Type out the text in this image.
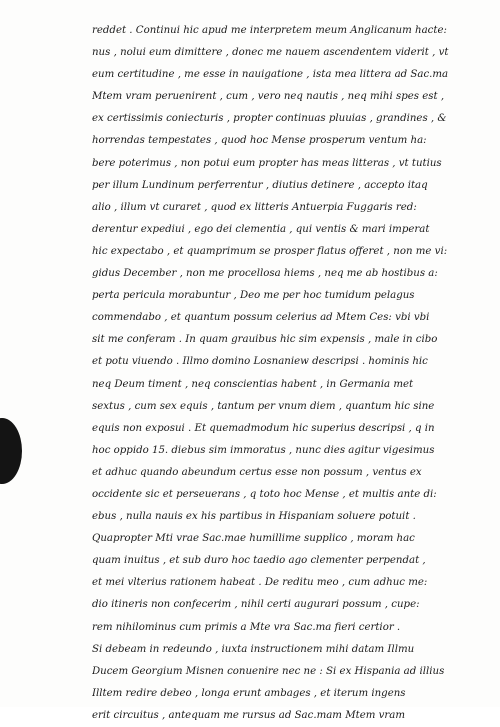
reddet . Continui hic apud me interpretem meum Anglicanum hacte:
nus , nolui eum dimittere , donec me nauem ascendentem viderit , vt
eum certitudine , me esse in nauigatione , ista mea littera ad Sac.ma
Mtem vram peruenirent , cum , vero neq nautis , neq mihi spes est ,
ex certissimis coniecturis , propter continuas pluuias , grandines , &
horrendas tempestates , quod hoc Mense prosperum ventum ha:
bere poterimus , non potui eum propter has meas litteras , vt tutius
per illum Lundinum perferrentur , diutius detinere , accepto itaq
alio , illum vt curaret , quod ex litteris Antuerpia Fuggaris red:
derentur expediui , ego dei clementia , qui ventis & mari imperat
hic expectabo , et quamprimum se prosper flatus offeret , non me vi:
gidus December , non me procellosa hiems , neq me ab hostibus a:
perta pericula morabuntur , Deo me per hoc tumidum pelagus
commendabo , et quantum possum celerius ad Mtem Ces: vbi vbi
sit me conferam . In quam grauibus hic sim expensis , male in cibo
et potu viuendo . Illmo domino Losnaniew descripsi . hominis hic
neq Deum timent , neq conscientias habent , in Germania met
sextus , cum sex equis , tantum per vnum diem , quantum hic sine
equis non exposui . Et quemadmodum hic superius descripsi , q in
hoc oppido 15. diebus sim immoratus , nunc dies agitur vigesimus
et adhuc quando abeundum certus esse non possum , ventus ex
occidente sic et perseuerans , q toto hoc Mense , et multis ante di:
ebus , nulla nauis ex his partibus in Hispaniam soluere potuit .
Quapropter Mti vrae Sac.mae humillime supplico , moram hac
quam inuitus , et sub duro hoc taedio ago clementer perpendat ,
et mei vlterius rationem habeat . De reditu meo , cum adhuc me:
dio itineris non confecerim , nihil certi augurari possum , cupe:
rem nihilominus cum primis a Mte vra Sac.ma fieri certior .
Si debeam in redeundo , iuxta instructionem mihi datam Illmu
Ducem Georgium Misnen conuenire nec ne : Si ex Hispania ad illius
Illtem redire debeo , longa erunt ambages , et iterum ingens
erit circuitus , antequam me rursus ad Sac.mam Mtem vram
